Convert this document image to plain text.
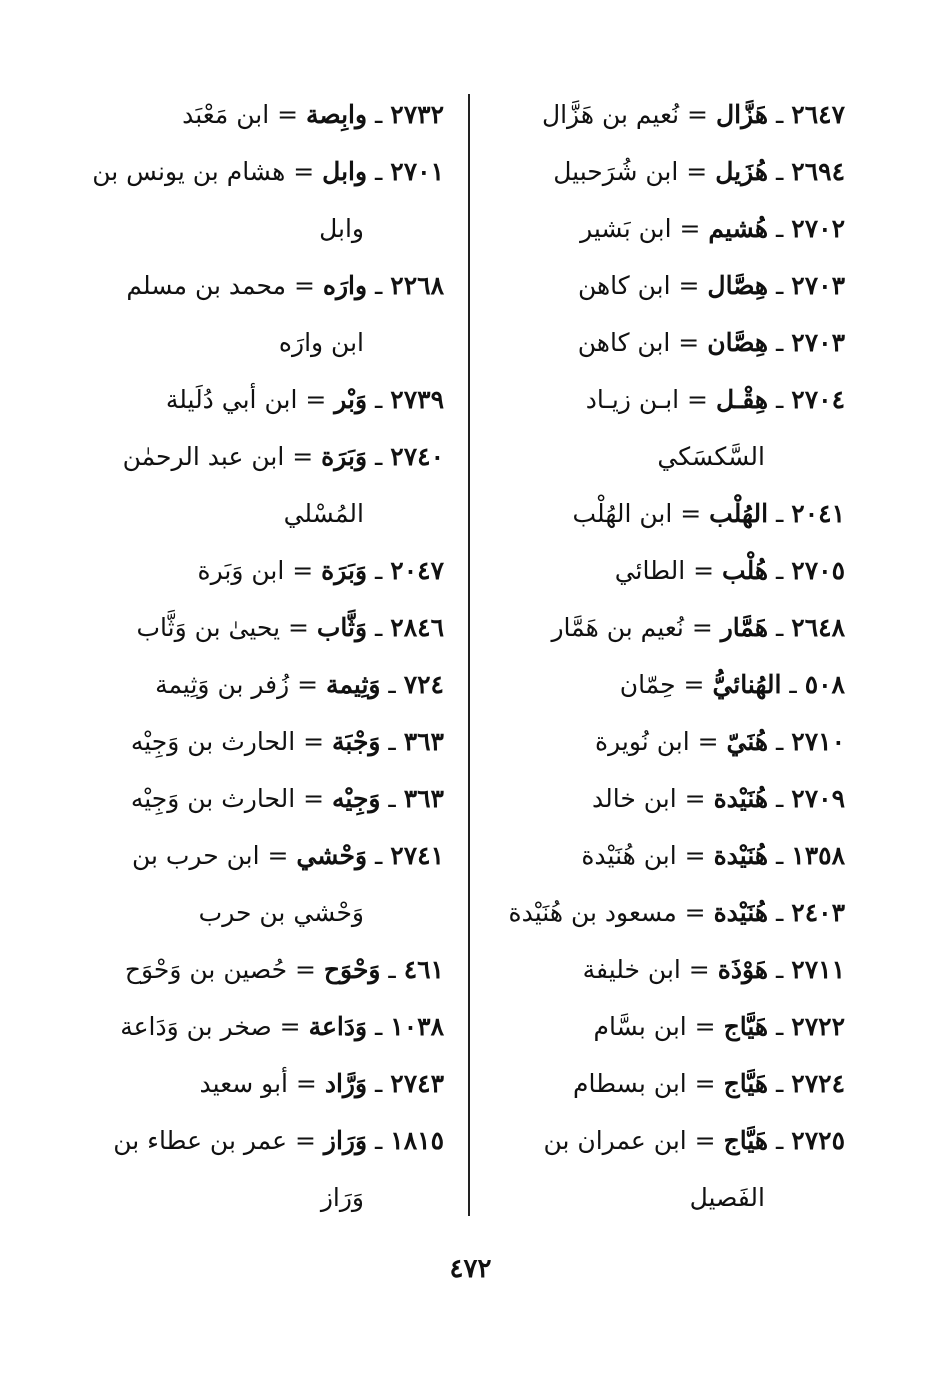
٢٦٤٧ ـ هَزَّال = نُعيم بن هَزَّال

٢٦٩٤ ـ هُزَيل = ابن شُرَحبيل

٢٧٠٢ ـ هُشيم = ابن بَشير

٢٧٠٣ ـ هِصَّال = ابن كاهن

٢٧٠٣ ـ هِصَّان = ابن كاهن

٢٧٠٤ ـ هِقْـل = ابـن زيـاد
السَّكسَكي

٢٠٤١ ـ الهُلْب = ابن الهُلْب

٢٧٠٥ ـ هُلْب = الطائي

٢٦٤٨ ـ هَمَّار = نُعيم بن هَمَّار

٥٠٨ ـ الهُنائيُّ = حِمّان

٢٧١٠ ـ هُنَيّ = ابن نُويرة

٢٧٠٩ ـ هُنَيْدة = ابن خالد

١٣٥٨ ـ هُنَيْدة = ابن هُنَيْدة

٢٤٠٣ ـ هُنَيْدة = مسعود بن هُنَيْدة

٢٧١١ ـ هَوْذَة = ابن خليفة

٢٧٢٢ ـ هَيَّاج = ابن بسَّام

٢٧٢٤ ـ هَيَّاج = ابن بسطام

٢٧٢٥ ـ هَيَّاج = ابن عمران بن
الفَصيل

٢٧٣٢ ـ وابِصة = ابن مَعْبَد

٢٧٠١ ـ وابل = هشام بن يونس بن
وابل

٢٢٦٨ ـ وارَه = محمد بن مسلم
ابن وارَه

٢٧٣٩ ـ وَبْر = ابن أبي دُلَيلة

٢٧٤٠ ـ وَبَرَة = ابن عبد الرحمٰن
المُسْلي

٢٠٤٧ ـ وَبَرَة = ابن وَبَرة

٢٨٤٦ ـ وَثَّاب = يحيىٰ بن وَثَّاب

٧٢٤ ـ وَثِيمة = زُفر بن وَثِيمة

٣٦٣ ـ وَجْبَة = الحارث بن وَجِيْه

٣٦٣ ـ وَجِيْه = الحارث بن وَجِيْه

٢٧٤١ ـ وَحْشي = ابن حرب بن
وَحْشي بن حرب

٤٦١ ـ وَحْوَح = حُصين بن وَحْوَح

١٠٣٨ ـ وَدَاعة = صخر بن وَدَاعة

٢٧٤٣ ـ وَرَّاد = أبو سعيد

١٨١٥ ـ وَرَاز = عمر بن عطاء بن
وَرَاز

٤٧٢
